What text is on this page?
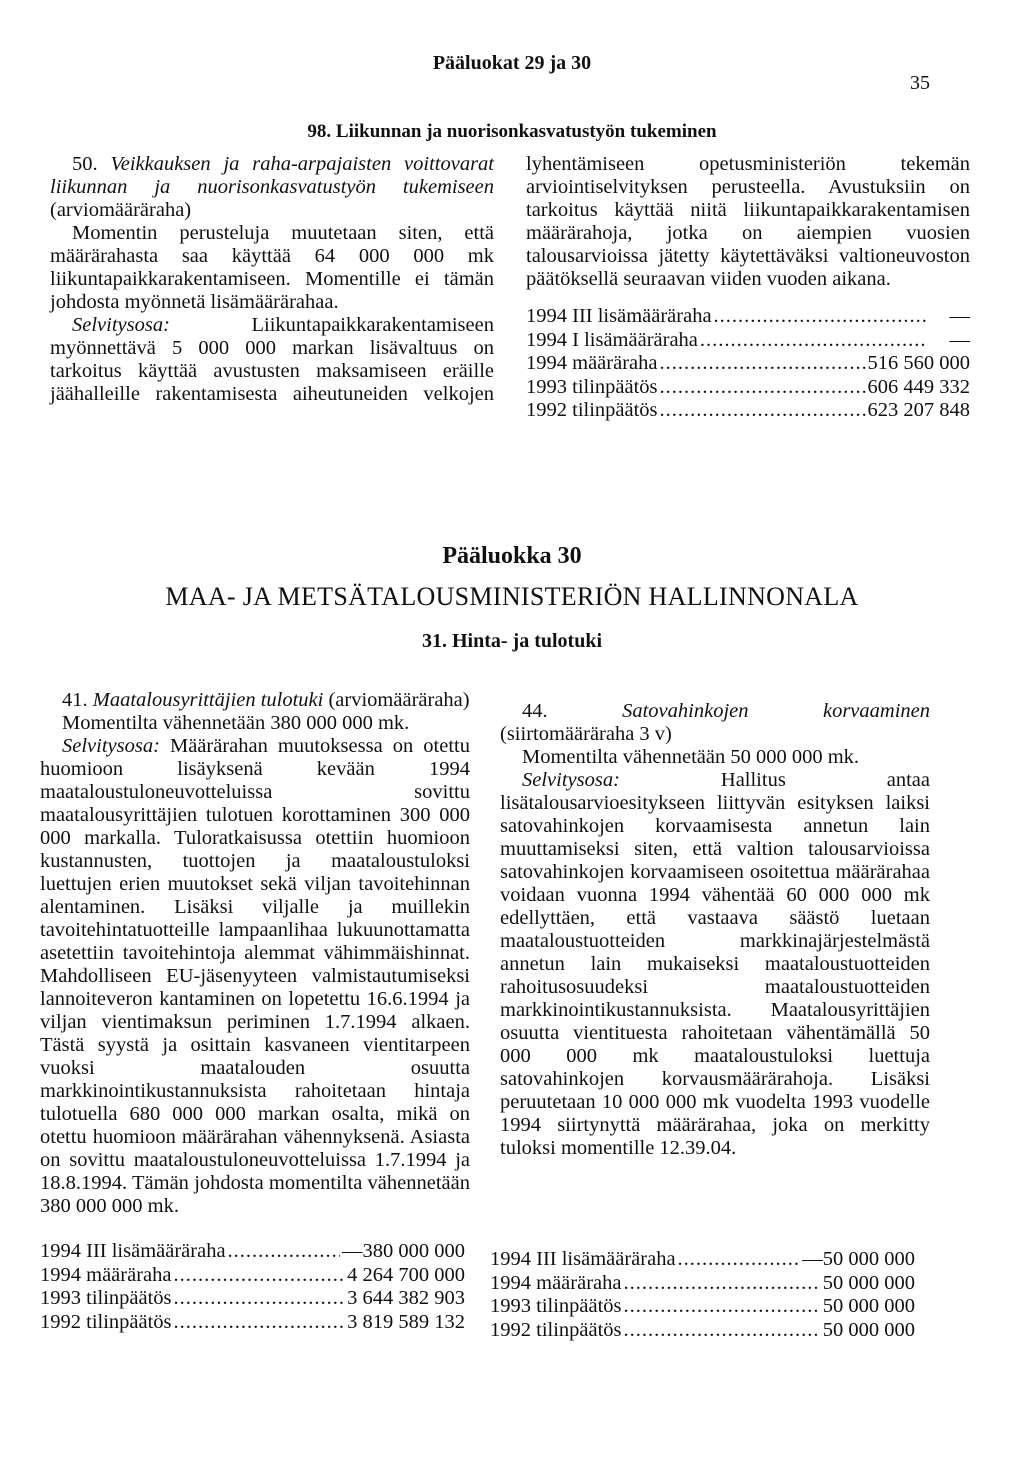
Pääluokat 29 ja 30
35
98. Liikunnan ja nuorisonkasvatustyön tukeminen

50. Veikkauksen ja raha-arpajaisten voittovarat liikunnan ja nuorisonkasvatustyön tukemiseen (arviomääräraha)

Momentin perusteluja muutetaan siten, että määrärahasta saa käyttää 64 000 000 mk liikuntapaikkarakentamiseen. Momentille ei tämän johdosta myönnetä lisämäärärahaa.

Selvitysosa:	Liikuntapaikkarakentamiseen myönnettävä 5 000 000 markan lisävaltuus on tarkoitus käyttää avustusten maksamiseen eräille jäähalleille rakentamisesta aiheutuneiden velkojen lyhentämiseen opetusministeriön tekemän arviointiselvityksen perusteella. Avustuksiin on tarkoitus käyttää niitä liikuntapaikkarakentamisen määrärahoja, jotka on aiempien vuosien talousarvioissa jätetty käytettäväksi valtioneuvoston päätöksellä seuraavan viiden vuoden aikana.

1994 III lisämääräraha .....	—
1994 I lisämääräraha .....	—
1994 määräraha .....	516 560 000
1993 tilinpäätös .....	606 449 332
1992 tilinpäätös .....	623 207 848
Pääluokka 30
MAA- JA METSÄTALOUSMINISTERIÖN HALLINNONALA
31. Hinta- ja tulotuki

41. Maatalousyrittäjien tulotuki (arviomääräraha)

Momentilta vähennetään 380 000 000 mk.

Selvitysosa: Määrärahan muutoksessa on otettu huomioon lisäyksenä kevään 1994 maataloustuloneuvotteluissa sovittu maatalousyrittäjien tulotuen korottaminen 300 000 000 markalla. Tuloratkaisussa otettiin huomioon kustannusten, tuottojen ja maataloustuloksi luettujen erien muutokset sekä viljan tavoitehinnan alentaminen. Lisäksi viljalle ja muillekin tavoitehintatuotteille lampaanlihaa lukuunottamatta asetettiin tavoitehintoja alemmat vähimmäishinnat. Mahdolliseen EU-jäsenyyteen valmistautumiseksi lannoiteveron kantaminen on lopetettu 16.6.1994 ja viljan vientimaksun periminen 1.7.1994 alkaen. Tästä syystä ja osittain kasvaneen vientitarpeen vuoksi maatalouden osuutta markkinointikustannuksista rahoitetaan hintaja tulotuella 680 000 000 markan osalta, mikä on otettu huomioon määrärahan vähennyksenä. Asiasta on sovittu maataloustuloneuvotteluissa 1.7.1994 ja 18.8.1994. Tämän johdosta momentilta vähennetään 380 000 000 mk.

1994 III lisämääräraha .....	—380 000 000
1994 määräraha .....	4 264 700 000
1993 tilinpäätös .....	3 644 382 903
1992 tilinpäätös .....	3 819 589 132

44.	Satovahinkojen korvaaminen (siirtomääräraha 3 v)

Momentilta vähennetään 50 000 000 mk.

Selvitysosa:	Hallitus antaa lisätalousarvioesitykseen liittyvän esityksen laiksi satovahinkojen korvaamisesta annetun lain muuttamiseksi siten, että valtion talousarvioissa satovahinkojen korvaamiseen osoitettua määrärahaa voidaan vuonna 1994 vähentää 60 000 000 mk edellyttäen, että vastaava säästö luetaan maataloustuotteiden markkinajärjestelmästä annetun lain mukaiseksi maataloustuotteiden rahoitusosuudeksi maataloustuotteiden markkinointikustannuksista. Maatalousyrittäjien osuutta vientituesta rahoitetaan vähentämällä 50 000 000 mk maataloustuloksi luettuja satovahinkojen korvausmäärärahoja. Lisäksi peruutetaan 10 000 000 mk vuodelta 1993 vuodelle 1994 siirtynyttä määrärahaa, joka on merkitty tuloksi momentille 12.39.04.

1994 III lisämääräraha .....	—50 000 000
1994 määräraha .....	50 000 000
1993 tilinpäätös .....	50 000 000
1992 tilinpäätös .....	50 000 000
